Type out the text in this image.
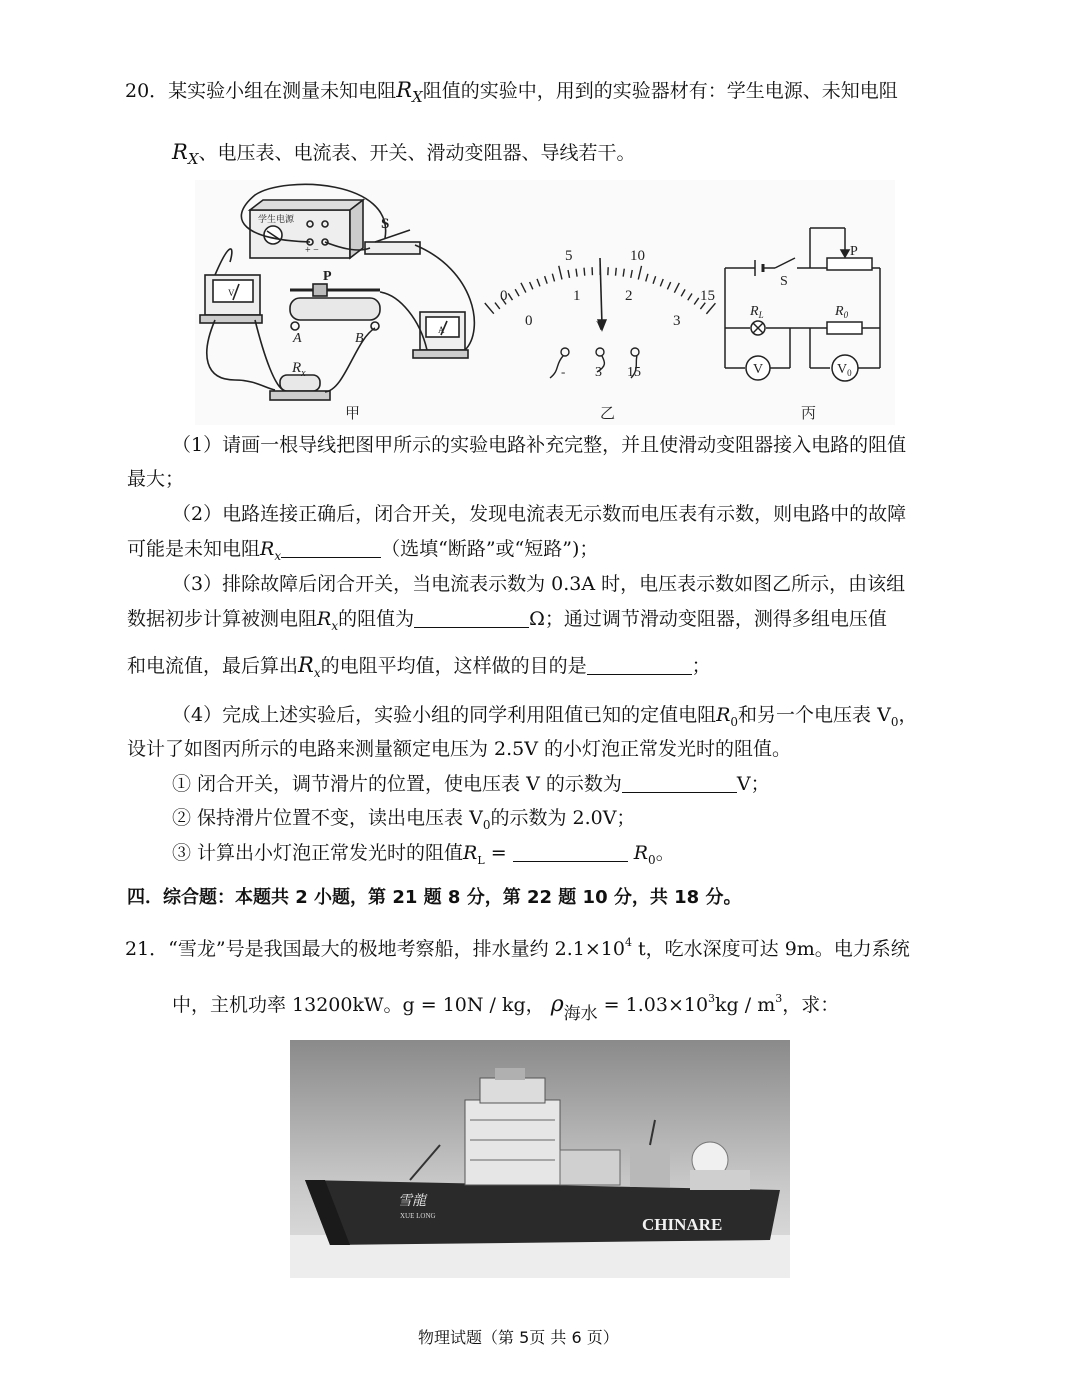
20．某实验小组在测量未知电阻$R_X$阻值的实验中，用到的实验器材有：学生电源、未知电阻
$R_X$、电压表、电流表、开关、滑动变阻器、导线若干。
学生电源
+ −
S
P
A	B
V
A
$R_x$
甲
0
5	10
15
0
1	2
3
V
- 3 15
乙
S
P
$R_L$	$R_0$
V	$V_0$
丙
（1）请画一根导线把图甲所示的实验电路补充完整，并且使滑动变阻器接入电路的阻值
最大；
（2）电路连接正确后，闭合开关，发现电流表无示数而电压表有示数，则电路中的故障
可能是未知电阻$R_x$	（选填“断路”或“短路”)；
（3）排除故障后闭合开关，当电流表示数为 0.3A 时，电压表示数如图乙所示，由该组
数据初步计算被测电阻$R_x$的阻值为	Ω；通过调节滑动变阻器，测得多组电压值
和电流值，最后算出$R_x$的电阻平均值，这样做的目的是	；
（4）完成上述实验后，实验小组的同学利用阻值已知的定值电阻$R_0$和另一个电压表 $V_0$，
设计了如图丙所示的电路来测量额定电压为 2.5V 的小灯泡正常发光时的阻值。
① 闭合开关，调节滑片的位置，使电压表 V 的示数为	V；
② 保持滑片位置不变，读出电压表 $V_0$的示数为 2.0V；
③ 计算出小灯泡正常发光时的阻值$R_L$ =	$R_0$。
四．综合题：本题共 2 小题，第 21 题 8 分，第 22 题 10 分，共 18 分。
21．“雪龙”号是我国最大的极地考察船，排水量约 $2.1\times 10^4$ t，吃水深度可达 9m。电力系统
中，主机功率 13200kW。g = 10N / kg， ρ海水 = $1.03\times 10^3kg / m^3$，求：
雪龍
XUE LONG	CHINARE
物理试题（第 5页 共 6 页）
